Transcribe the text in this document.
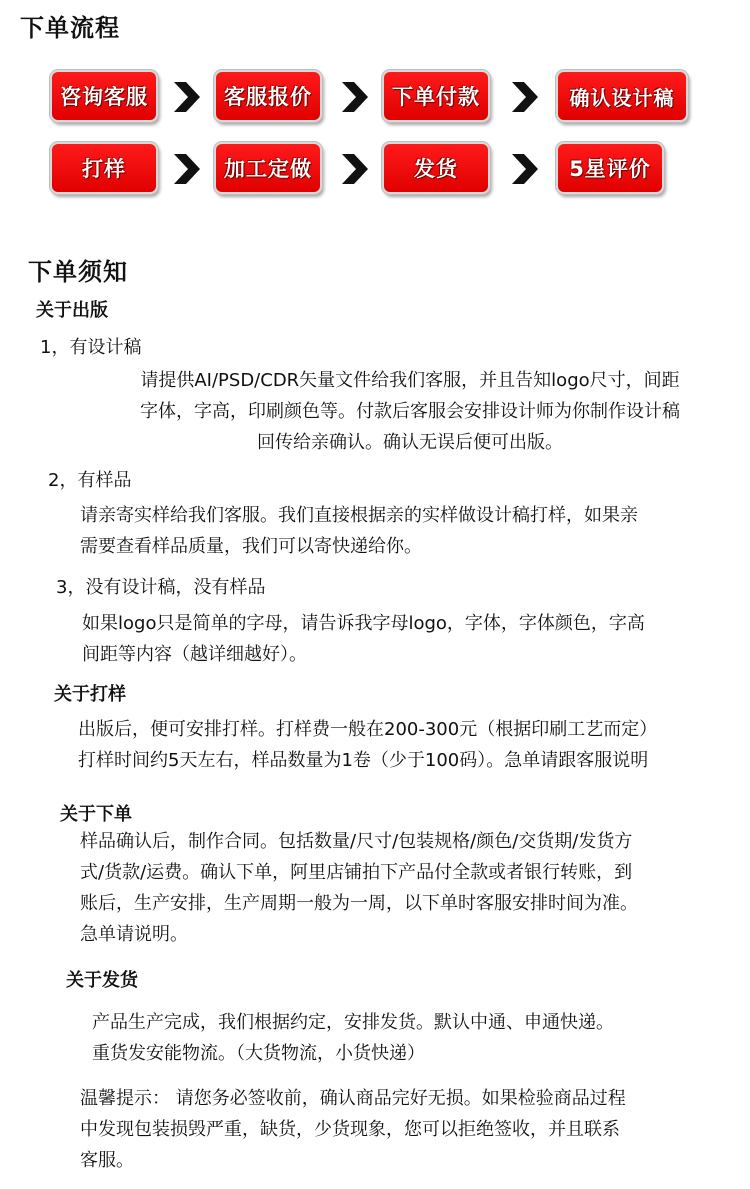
下单流程
咨询客服	客服报价	下单付款	确认设计稿
打样	加工定做	发货	5星评价
下单须知
关于出版
1，有设计稿
请提供AI/PSD/CDR矢量文件给我们客服，并且告知logo尺寸，间距
字体，字高，印刷颜色等。付款后客服会安排设计师为你制作设计稿
回传给亲确认。确认无误后便可出版。
2，有样品
请亲寄实样给我们客服。我们直接根据亲的实样做设计稿打样，如果亲
需要查看样品质量，我们可以寄快递给你。
3，没有设计稿，没有样品
如果logo只是简单的字母，请告诉我字母logo，字体，字体颜色，字高
间距等内容（越详细越好）。
关于打样
出版后，便可安排打样。打样费一般在200-300元（根据印刷工艺而定）
打样时间约5天左右，样品数量为1卷（少于100码）。急单请跟客服说明
关于下单
样品确认后，制作合同。包括数量/尺寸/包装规格/颜色/交货期/发货方
式/货款/运费。确认下单，阿里店铺拍下产品付全款或者银行转账，到
账后，生产安排，生产周期一般为一周，以下单时客服安排时间为准。
急单请说明。
关于发货
产品生产完成，我们根据约定，安排发货。默认中通、申通快递。
重货发安能物流。（大货物流，小货快递）
温馨提示： 请您务必签收前，确认商品完好无损。如果检验商品过程
中发现包装损毁严重，缺货，少货现象，您可以拒绝签收，并且联系
客服。
